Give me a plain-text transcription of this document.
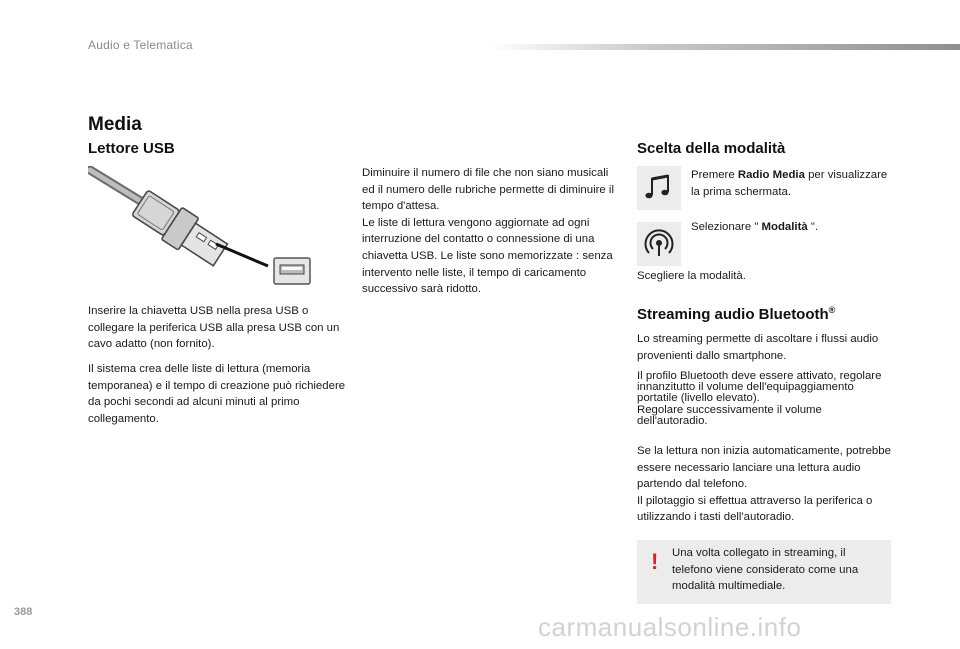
Audio e Telematica
Media
Lettore USB
Inserire la chiavetta USB nella presa USB o collegare la periferica USB alla presa USB con un cavo adatto (non fornito).
Il sistema crea delle liste di lettura (memoria temporanea) e il tempo di creazione può richiedere da pochi secondi ad alcuni minuti al primo collegamento.

Diminuire il numero di file che non siano musicali ed il numero delle rubriche permette di diminuire il tempo d'attesa.

Le liste di lettura vengono aggiornate ad ogni interruzione del contatto o connessione di una chiavetta USB. Le liste sono memorizzate : senza intervento nelle liste, il tempo di caricamento successivo sarà ridotto.

Scelta della modalità
Premere Radio Media per visualizzare la prima schermata.
Selezionare " Modalità ".
Scegliere la modalità.
Streaming audio Bluetooth®
Lo streaming permette di ascoltare i flussi audio provenienti dallo smartphone.

Il profilo Bluetooth deve essere attivato, regolare innanzitutto il volume dell'equipaggiamento portatile (livello elevato).

Regolare successivamente il volume dell'autoradio.

Se la lettura non inizia automaticamente, potrebbe essere necessario lanciare una lettura audio partendo dal telefono.

Il pilotaggio si effettua attraverso la periferica o utilizzando i tasti dell'autoradio.

! Una volta collegato in streaming, il telefono viene considerato come una modalità multimediale.
388	carmanualsonline.info
